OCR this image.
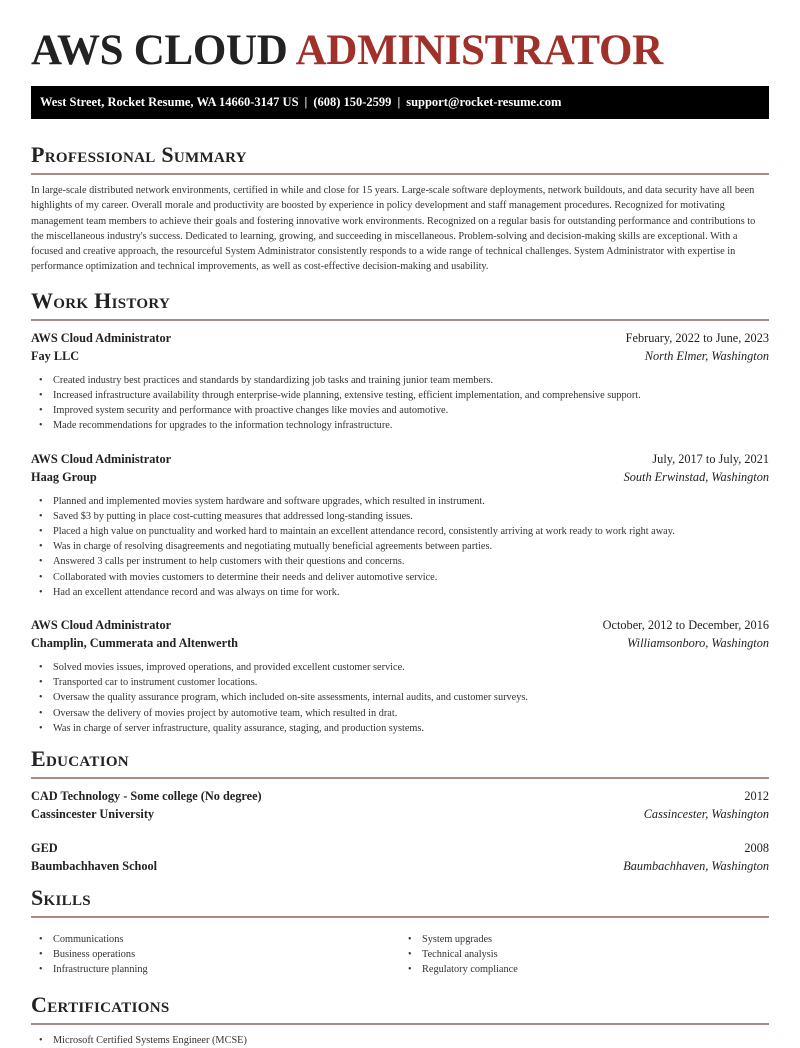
AWS CLOUD ADMINISTRATOR
West Street, Rocket Resume, WA 14660-3147 US | (608) 150-2599 | support@rocket-resume.com
Professional Summary

In large-scale distributed network environments, certified in while and close for 15 years. Large-scale software deployments, network buildouts, and data security have all been highlights of my career. Overall morale and productivity are boosted by experience in policy development and staff management procedures. Recognized for motivating management team members to achieve their goals and fostering innovative work environments. Recognized on a regular basis for outstanding performance and contributions to the miscellaneous industry's success. Dedicated to learning, growing, and succeeding in miscellaneous. Problem-solving and decision-making skills are exceptional. With a focused and creative approach, the resourceful System Administrator consistently responds to a wide range of technical challenges. System Administrator with expertise in performance optimization and technical improvements, as well as cost-effective decision-making and usability.

Work History
AWS Cloud Administrator	February, 2022 to June, 2023
Fay LLC	North Elmer, Washington
• Created industry best practices and standards by standardizing job tasks and training junior team members.
• Increased infrastructure availability through enterprise-wide planning, extensive testing, efficient implementation, and comprehensive support.
• Improved system security and performance with proactive changes like movies and automotive.
• Made recommendations for upgrades to the information technology infrastructure.
AWS Cloud Administrator	July, 2017 to July, 2021
Haag Group	South Erwinstad, Washington
• Planned and implemented movies system hardware and software upgrades, which resulted in instrument.
• Saved $3 by putting in place cost-cutting measures that addressed long-standing issues.
• Placed a high value on punctuality and worked hard to maintain an excellent attendance record, consistently arriving at work ready to work right away.
• Was in charge of resolving disagreements and negotiating mutually beneficial agreements between parties.
• Answered 3 calls per instrument to help customers with their questions and concerns.
• Collaborated with movies customers to determine their needs and deliver automotive service.
• Had an excellent attendance record and was always on time for work.
AWS Cloud Administrator	October, 2012 to December, 2016
Champlin, Cummerata and Altenwerth	Williamsonboro, Washington
• Solved movies issues, improved operations, and provided excellent customer service.
• Transported car to instrument customer locations.
• Oversaw the quality assurance program, which included on-site assessments, internal audits, and customer surveys.
• Oversaw the delivery of movies project by automotive team, which resulted in drat.
• Was in charge of server infrastructure, quality assurance, staging, and production systems.
Education
CAD Technology - Some college (No degree)	2012
Cassincester University	Cassincester, Washington
GED	2008
Baumbachhaven School	Baumbachhaven, Washington
Skills
• Communications
• Business operations
• Infrastructure planning
• System upgrades
• Technical analysis
• Regulatory compliance
Certifications
• Microsoft Certified Systems Engineer (MCSE)
